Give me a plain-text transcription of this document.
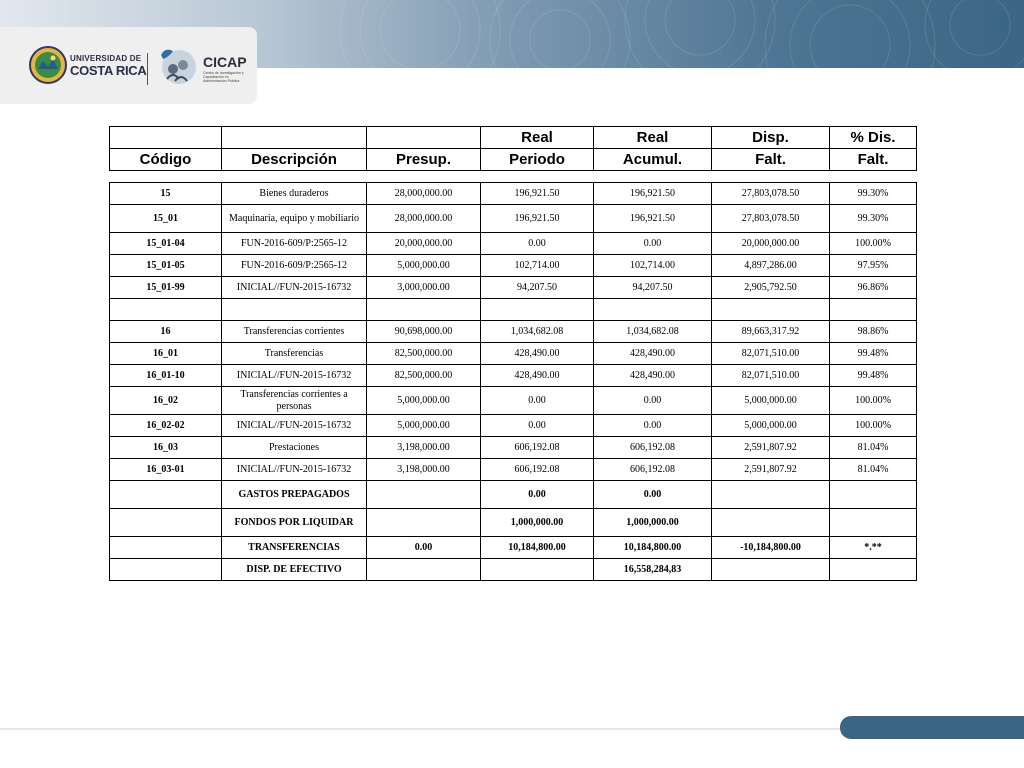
UNIVERSIDAD DE
COSTA RICA
CICAP
Centro de Investigación y Capacitación en Administración Pública
			Real	Real	Disp.	% Dis.
Código	Descripción	Presup.	Periodo	Acumul.	Falt.	Falt.
15	Bienes duraderos	28,000,000.00	196,921.50	196,921.50	27,803,078.50	99.30%
15_01	Maquinaria, equipo y mobiliario	28,000,000.00	196,921.50	196,921.50	27,803,078.50	99.30%
15_01-04	FUN-2016-609/P:2565-12	20,000,000.00	0.00	0.00	20,000,000.00	100.00%
15_01-05	FUN-2016-609/P:2565-12	5,000,000.00	102,714.00	102,714.00	4,897,286.00	97.95%
15_01-99	INICIAL//FUN-2015-16732	3,000,000.00	94,207.50	94,207.50	2,905,792.50	96.86%

16	Transferencias corrientes	90,698,000.00	1,034,682.08	1,034,682.08	89,663,317.92	98.86%
16_01	Transferencias	82,500,000.00	428,490.00	428,490.00	82,071,510.00	99.48%
16_01-10	INICIAL//FUN-2015-16732	82,500,000.00	428,490.00	428,490.00	82,071,510.00	99.48%
16_02	Transferencias corrientes a personas	5,000,000.00	0.00	0.00	5,000,000.00	100.00%
16_02-02	INICIAL//FUN-2015-16732	5,000,000.00	0.00	0.00	5,000,000.00	100.00%
16_03	Prestaciones	3,198,000.00	606,192.08	606,192.08	2,591,807.92	81.04%
16_03-01	INICIAL//FUN-2015-16732	3,198,000.00	606,192.08	606,192.08	2,591,807.92	81.04%
	GASTOS PREPAGADOS		0.00	0.00		
	FONDOS POR LIQUIDAR		1,000,000.00	1,000,000.00		
	TRANSFERENCIAS	0.00	10,184,800.00	10,184,800.00	-10,184,800.00	*.**
	DISP. DE EFECTIVO			16,558,284,83		
